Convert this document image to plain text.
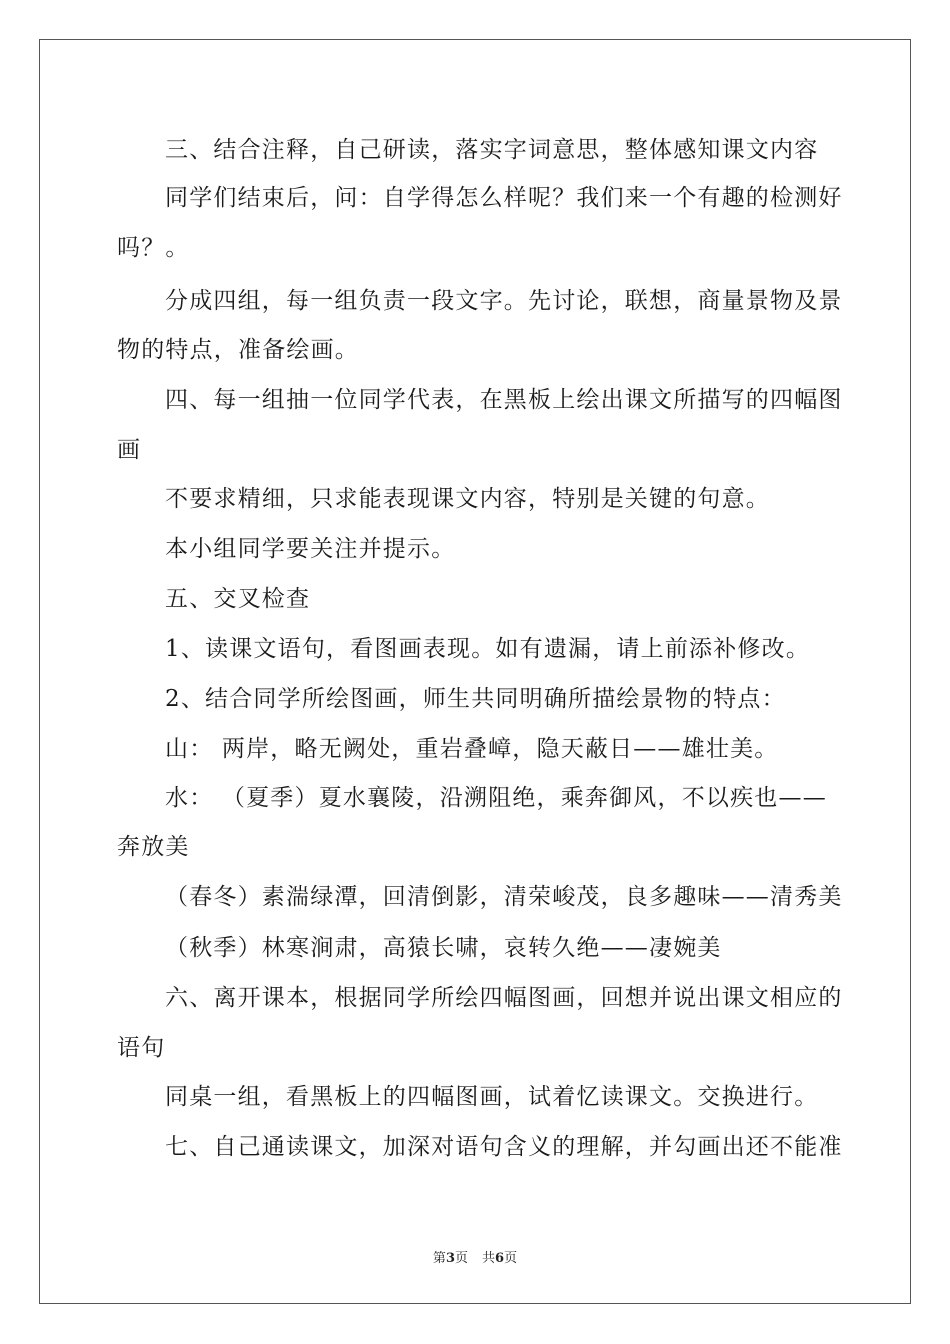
三、结合注释，自己研读，落实字词意思，整体感知课文内容
同学们结束后，问：自学得怎么样呢？我们来一个有趣的检测好
吗？。
分成四组，每一组负责一段文字。先讨论，联想，商量景物及景
物的特点，准备绘画。
四、每一组抽一位同学代表，在黑板上绘出课文所描写的四幅图
画
不要求精细，只求能表现课文内容，特别是关键的句意。
本小组同学要关注并提示。
五、交叉检查
1、读课文语句，看图画表现。如有遗漏，请上前添补修改。
2、结合同学所绘图画，师生共同明确所描绘景物的特点：
山： 两岸，略无阙处，重岩叠嶂，隐天蔽日——雄壮美。
水： （夏季）夏水襄陵，沿溯阻绝，乘奔御风，不以疾也——
奔放美
（春冬）素湍绿潭，回清倒影，清荣峻茂，良多趣味——清秀美
（秋季）林寒涧肃，高猿长啸，哀转久绝——凄婉美
六、离开课本，根据同学所绘四幅图画，回想并说出课文相应的
语句
同桌一组，看黑板上的四幅图画，试着忆读课文。交换进行。
七、自己通读课文，加深对语句含义的理解，并勾画出还不能准
第3页 共6页
